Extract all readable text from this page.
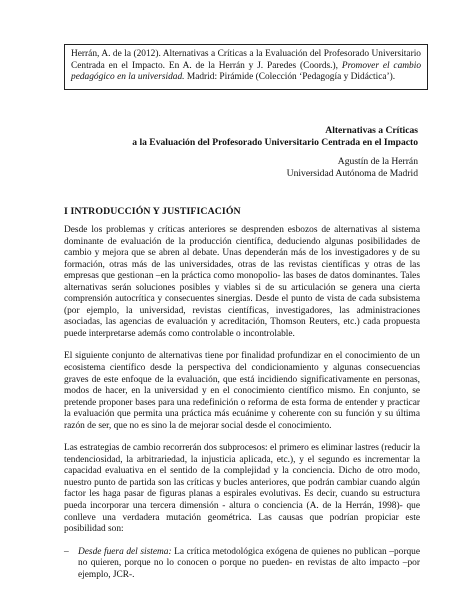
Herrán, A. de la (2012). Alternativas a Críticas a la Evaluación del Profesorado Universitario Centrada en el Impacto. En A. de la Herrán y J. Paredes (Coords.), Promover el cambio pedagógico en la universidad. Madrid: Pirámide (Colección ‘Pedagogía y Didáctica’).
Alternativas a Críticas
a la Evaluación del Profesorado Universitario Centrada en el Impacto
Agustín de la Herrán
Universidad Autónoma de Madrid
I INTRODUCCIÓN Y JUSTIFICACIÓN

Desde los problemas y críticas anteriores se desprenden esbozos de alternativas al sistema dominante de evaluación de la producción científica, deduciendo algunas posibilidades de cambio y mejora que se abren al debate. Unas dependerán más de los investigadores y de su formación, otras más de las universidades, otras de las revistas científicas y otras de las empresas que gestionan –en la práctica como monopolio- las bases de datos dominantes. Tales alternativas serán soluciones posibles y viables si de su articulación se genera una cierta comprensión autocrítica y consecuentes sinergias. Desde el punto de vista de cada subsistema (por ejemplo, la universidad, revistas científicas, investigadores, las administraciones asociadas, las agencias de evaluación y acreditación, Thomson Reuters, etc.) cada propuesta puede interpretarse además como controlable o incontrolable.

El siguiente conjunto de alternativas tiene por finalidad profundizar en el conocimiento de un ecosistema científico desde la perspectiva del condicionamiento y algunas consecuencias graves de este enfoque de la evaluación, que está incidiendo significativamente en personas, modos de hacer, en la universidad y en el conocimiento científico mismo. En conjunto, se pretende proponer bases para una redefinición o reforma de esta forma de entender y practicar la evaluación que permita una práctica más ecuánime y coherente con su función y su última razón de ser, que no es sino la de mejorar social desde el conocimiento.

Las estrategias de cambio recorrerán dos subprocesos: el primero es eliminar lastres (reducir la tendenciosidad, la arbitrariedad, la injusticia aplicada, etc.), y el segundo es incrementar la capacidad evaluativa en el sentido de la complejidad y la conciencia. Dicho de otro modo, nuestro punto de partida son las críticas y bucles anteriores, que podrán cambiar cuando algún factor les haga pasar de figuras planas a espirales evolutivas. Es decir, cuando su estructura pueda incorporar una tercera dimensión - altura o conciencia (A. de la Herrán, 1998)- que conlleve una verdadera mutación geométrica. Las causas que podrían propiciar este posibilidad son:

– Desde fuera del sistema: La crítica metodológica exógena de quienes no publican –porque no quieren, porque no lo conocen o porque no pueden- en revistas de alto impacto –por ejemplo, JCR-.
